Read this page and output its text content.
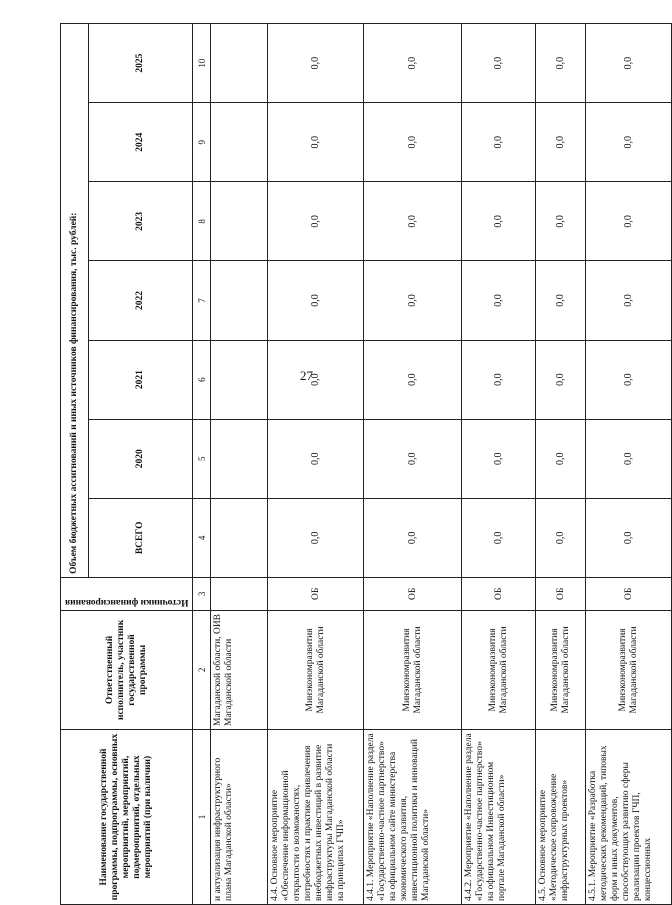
27
Наименование государственной программы, подпрограммы, основных мероприятий, мероприятий, подмероприятий, отдельных мероприятий (при наличии)	Ответственный исполнитель, участник государственной программы	Источники финансирования	Объем бюджетных ассигнований и иных источников финансирования, тыс. рублей:						
			ВСЕГО	2020	2021	2022	2023	2024	2025
1	2	3	4	5	6	7	8	9	10
и актуализация инфраструктурного плана Магаданской области»	Магаданской области, ОИВ Магаданской области								
4.4. Основное мероприятие «Обеспечение информационной открытости о возможностях, потребностях и практике привлечения внебюджетных инвестиций в развитие инфраструктуры Магаданской области на принципах ГЧП»	Минэкономразвития Магаданской области	ОБ	0,0	0,0	0,0	0,0	0,0	0,0	0,0
4.4.1. Мероприятие «Наполнение раздела «Государственно-частное партнерство» на официальном сайте министерства экономического развития, инвестиционной политики и инноваций Магаданской области»	Минэкономразвития Магаданской области	ОБ	0,0	0,0	0,0	0,0	0,0	0,0	0,0
4.4.2. Мероприятие «Наполнение раздела «Государственно-частное партнерство» на официальном Инвестиционном портале Магаданской области»	Минэкономразвития Магаданской области	ОБ	0,0	0,0	0,0	0,0	0,0	0,0	0,0
4.5. Основное мероприятие «Методическое сопровождение инфраструктурных проектов»	Минэкономразвития Магаданской области	ОБ	0,0	0,0	0,0	0,0	0,0	0,0	0,0
4.5.1. Мероприятие «Разработка методических рекомендаций, типовых форм и иных документов, способствующих развитию сферы реализации проектов ГЧП, концессионных	Минэкономразвития Магаданской области	ОБ	0,0	0,0	0,0	0,0	0,0	0,0	0,0
